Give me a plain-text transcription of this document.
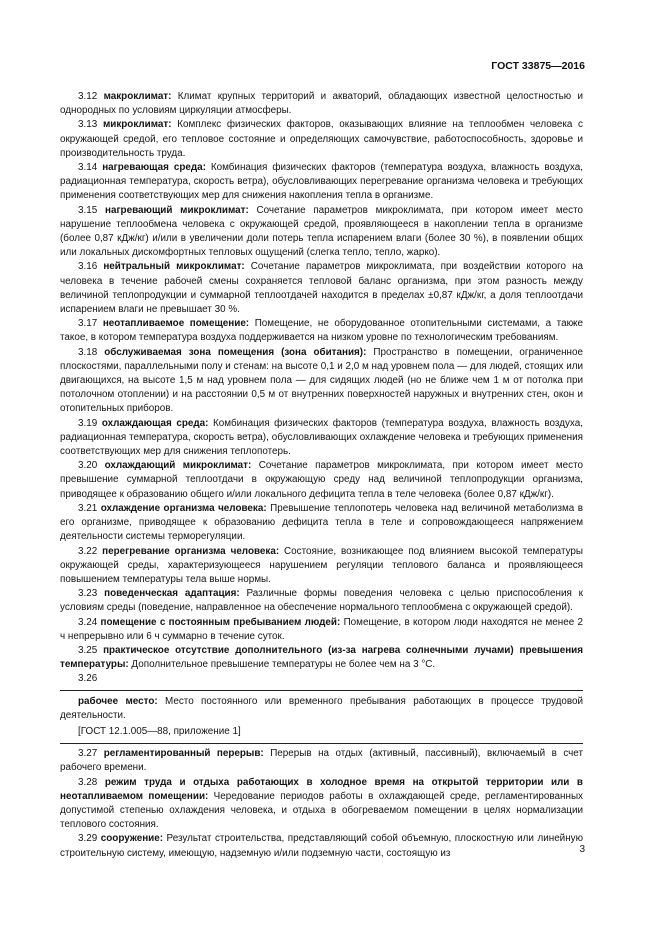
ГОСТ 33875—2016

3.12 макроклимат: Климат крупных территорий и акваторий, обладающих известной целостностью и однородных по условиям циркуляции атмосферы.

3.13 микроклимат: Комплекс физических факторов, оказывающих влияние на теплообмен человека с окружающей средой, его тепловое состояние и определяющих самочувствие, работоспособность, здоровье и производительность труда.

3.14 нагревающая среда: Комбинация физических факторов (температура воздуха, влажность воздуха, радиационная температура, скорость ветра), обусловливающих перегревание организма человека и требующих применения соответствующих мер для снижения накопления тепла в организме.

3.15 нагревающий микроклимат: Сочетание параметров микроклимата, при котором имеет место нарушение теплообмена человека с окружающей средой, проявляющееся в накоплении тепла в организме (более 0,87 кДж/кг) и/или в увеличении доли потерь тепла испарением влаги (более 30 %), в появлении общих или локальных дискомфортных тепловых ощущений (слегка тепло, тепло, жарко).

3.16 нейтральный микроклимат: Сочетание параметров микроклимата, при воздействии которого на человека в течение рабочей смены сохраняется тепловой баланс организма, при этом разность между величиной теплопродукции и суммарной теплоотдачей находится в пределах ±0,87 кДж/кг, а доля теплоотдачи испарением влаги не превышает 30 %.

3.17 неотапливаемое помещение: Помещение, не оборудованное отопительными системами, а также такое, в котором температура воздуха поддерживается на низком уровне по технологическим требованиям.

3.18 обслуживаемая зона помещения (зона обитания): Пространство в помещении, ограниченное плоскостями, параллельными полу и стенам: на высоте 0,1 и 2,0 м над уровнем пола — для людей, стоящих или двигающихся, на высоте 1,5 м над уровнем пола — для сидящих людей (но не ближе чем 1 м от потолка при потолочном отоплении) и на расстоянии 0,5 м от внутренних поверхностей наружных и внутренних стен, окон и отопительных приборов.

3.19 охлаждающая среда: Комбинация физических факторов (температура воздуха, влажность воздуха, радиационная температура, скорость ветра), обусловливающих охлаждение человека и требующих применения соответствующих мер для снижения теплопотерь.

3.20 охлаждающий микроклимат: Сочетание параметров микроклимата, при котором имеет место превышение суммарной теплоотдачи в окружающую среду над величиной теплопродукции организма, приводящее к образованию общего и/или локального дефицита тепла в теле человека (более 0,87 кДж/кг).

3.21 охлаждение организма человека: Превышение теплопотерь человека над величиной метаболизма в его организме, приводящее к образованию дефицита тепла в теле и сопровождающееся напряжением деятельности системы терморегуляции.

3.22 перегревание организма человека: Состояние, возникающее под влиянием высокой температуры окружающей среды, характеризующееся нарушением регуляции теплового баланса и проявляющееся повышением температуры тела выше нормы.

3.23 поведенческая адаптация: Различные формы поведения человека с целью приспособления к условиям среды (поведение, направленное на обеспечение нормального теплообмена с окружающей средой).

3.24 помещение с постоянным пребыванием людей: Помещение, в котором люди находятся не менее 2 ч непрерывно или 6 ч суммарно в течение суток.

3.25 практическое отсутствие дополнительного (из-за нагрева солнечными лучами) превышения температуры: Дополнительное превышение температуры не более чем на 3 °С.

3.26

рабочее место: Место постоянного или временного пребывания работающих в процессе трудовой деятельности.

[ГОСТ 12.1.005—88, приложение 1]

3.27 регламентированный перерыв: Перерыв на отдых (активный, пассивный), включаемый в счет рабочего времени.

3.28 режим труда и отдыха работающих в холодное время на открытой территории или в неотапливаемом помещении: Чередование периодов работы в охлаждающей среде, регламентированных допустимой степенью охлаждения человека, и отдыха в обогреваемом помещении в целях нормализации теплового состояния.

3.29 сооружение: Результат строительства, представляющий собой объемную, плоскостную или линейную строительную систему, имеющую, надземную и/или подземную части, состоящую из	3
